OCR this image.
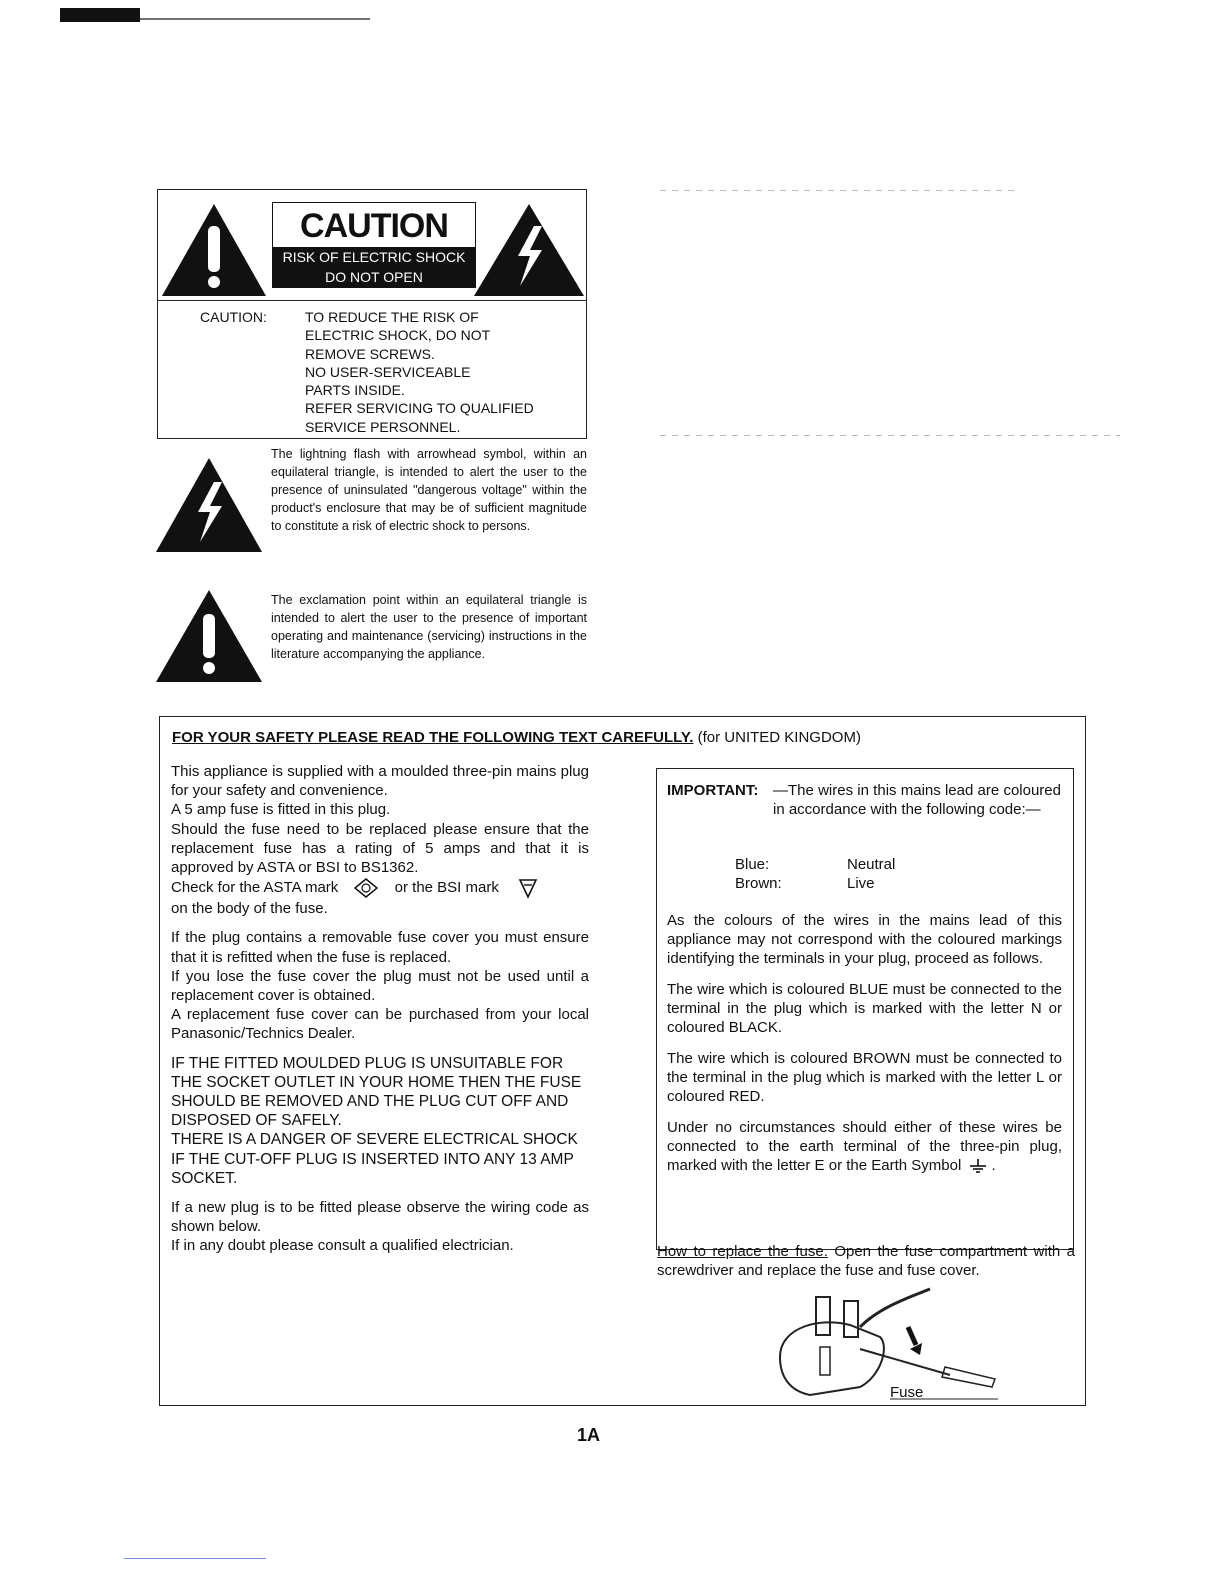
CAUTION
RISK OF ELECTRIC SHOCK
DO NOT OPEN
CAUTION:	TO REDUCE THE RISK OF
ELECTRIC SHOCK, DO NOT
REMOVE SCREWS.
NO USER-SERVICEABLE
PARTS INSIDE.
REFER SERVICING TO QUALIFIED
SERVICE PERSONNEL.
The lightning flash with arrowhead symbol, within an equilateral triangle, is intended to alert the user to the presence of uninsulated "dangerous voltage" within the product's enclosure that may be of sufficient magnitude to constitute a risk of electric shock to persons.
The exclamation point within an equilateral triangle is intended to alert the user to the presence of important operating and maintenance (servicing) instructions in the literature accompanying the appliance.
FOR YOUR SAFETY PLEASE READ THE FOLLOWING TEXT CAREFULLY. (for UNITED KINGDOM)

This appliance is supplied with a moulded three-pin mains plug for your safety and convenience.
A 5 amp fuse is fitted in this plug.
Should the fuse need to be replaced please ensure that the replacement fuse has a rating of 5 amps and that it is approved by ASTA or BSI to BS1362.
Check for the ASTA mark	or the BSI mark
on the body of the fuse.

If the plug contains a removable fuse cover you must ensure that it is refitted when the fuse is replaced.
If you lose the fuse cover the plug must not be used until a replacement cover is obtained.
A replacement fuse cover can be purchased from your local Panasonic/Technics Dealer.

IF THE FITTED MOULDED PLUG IS UNSUITABLE FOR THE SOCKET OUTLET IN YOUR HOME THEN THE FUSE SHOULD BE REMOVED AND THE PLUG CUT OFF AND DISPOSED OF SAFELY.
THERE IS A DANGER OF SEVERE ELECTRICAL SHOCK IF THE CUT-OFF PLUG IS INSERTED INTO ANY 13 AMP SOCKET.

If a new plug is to be fitted please observe the wiring code as shown below.
If in any doubt please consult a qualified electrician.

IMPORTANT: —The wires in this mains lead are coloured in accordance with the following code:—
Blue:	Neutral
Brown:	Live

As the colours of the wires in the mains lead of this appliance may not correspond with the coloured markings identifying the terminals in your plug, proceed as follows.

The wire which is coloured BLUE must be connected to the terminal in the plug which is marked with the letter N or coloured BLACK.

The wire which is coloured BROWN must be connected to the terminal in the plug which is marked with the letter L or coloured RED.

Under no circumstances should either of these wires be connected to the earth terminal of the three-pin plug, marked with the letter E or the Earth Symbol .

How to replace the fuse. Open the fuse compartment with a screwdriver and replace the fuse and fuse cover.
Fuse
1A
